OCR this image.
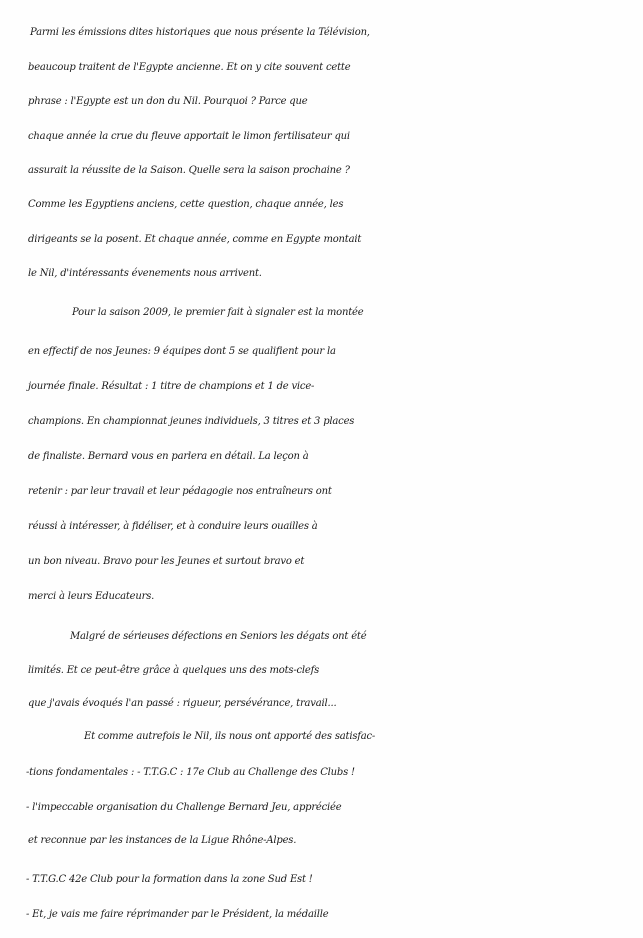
Parmi les émissions dites historiques que nous présente la Télévision,
beaucoup traitent de l'Egypte ancienne. Et on y cite souvent cette
phrase : l'Egypte est un don du Nil. Pourquoi ? Parce que
chaque année la crue du fleuve apportait le limon fertilisateur qui
assurait la réussite de la Saison. Quelle sera la saison prochaine ?
Comme les Egyptiens anciens, cette question, chaque année, les
dirigeants se la posent. Et chaque année, comme en Egypte montait
le Nil, d'intéressants évenements nous arrivent.
Pour la saison 2009, le premier fait à signaler est la montée
en effectif de nos Jeunes: 9 équipes dont 5 se qualifient pour la
journée finale. Résultat : 1 titre de champions et 1 de vice-
champions. En championnat jeunes individuels, 3 titres et 3 places
de finaliste. Bernard vous en parlera en détail. La leçon à
retenir : par leur travail et leur pédagogie nos entraîneurs ont
réussi à intéresser, à fidéliser, et à conduire leurs ouailles à
un bon niveau. Bravo pour les Jeunes et surtout bravo et
merci à leurs Educateurs.
Malgré de sérieuses défections en Seniors les dégats ont été
limités. Et ce peut-être grâce à quelques uns des mots-clefs
que j'avais évoqués l'an passé : rigueur, persévérance, travail...
Et comme autrefois le Nil, ils nous ont apporté des satisfac-
-tions fondamentales : - T.T.G.C : 17e Club au Challenge des Clubs !
- l'impeccable organisation du Challenge Bernard Jeu, appréciée
et reconnue par les instances de la Ligue Rhône-Alpes.
- T.T.G.C 42e Club pour la formation dans la zone Sud Est !
- Et, je vais me faire réprimander par le Président, la médaille
